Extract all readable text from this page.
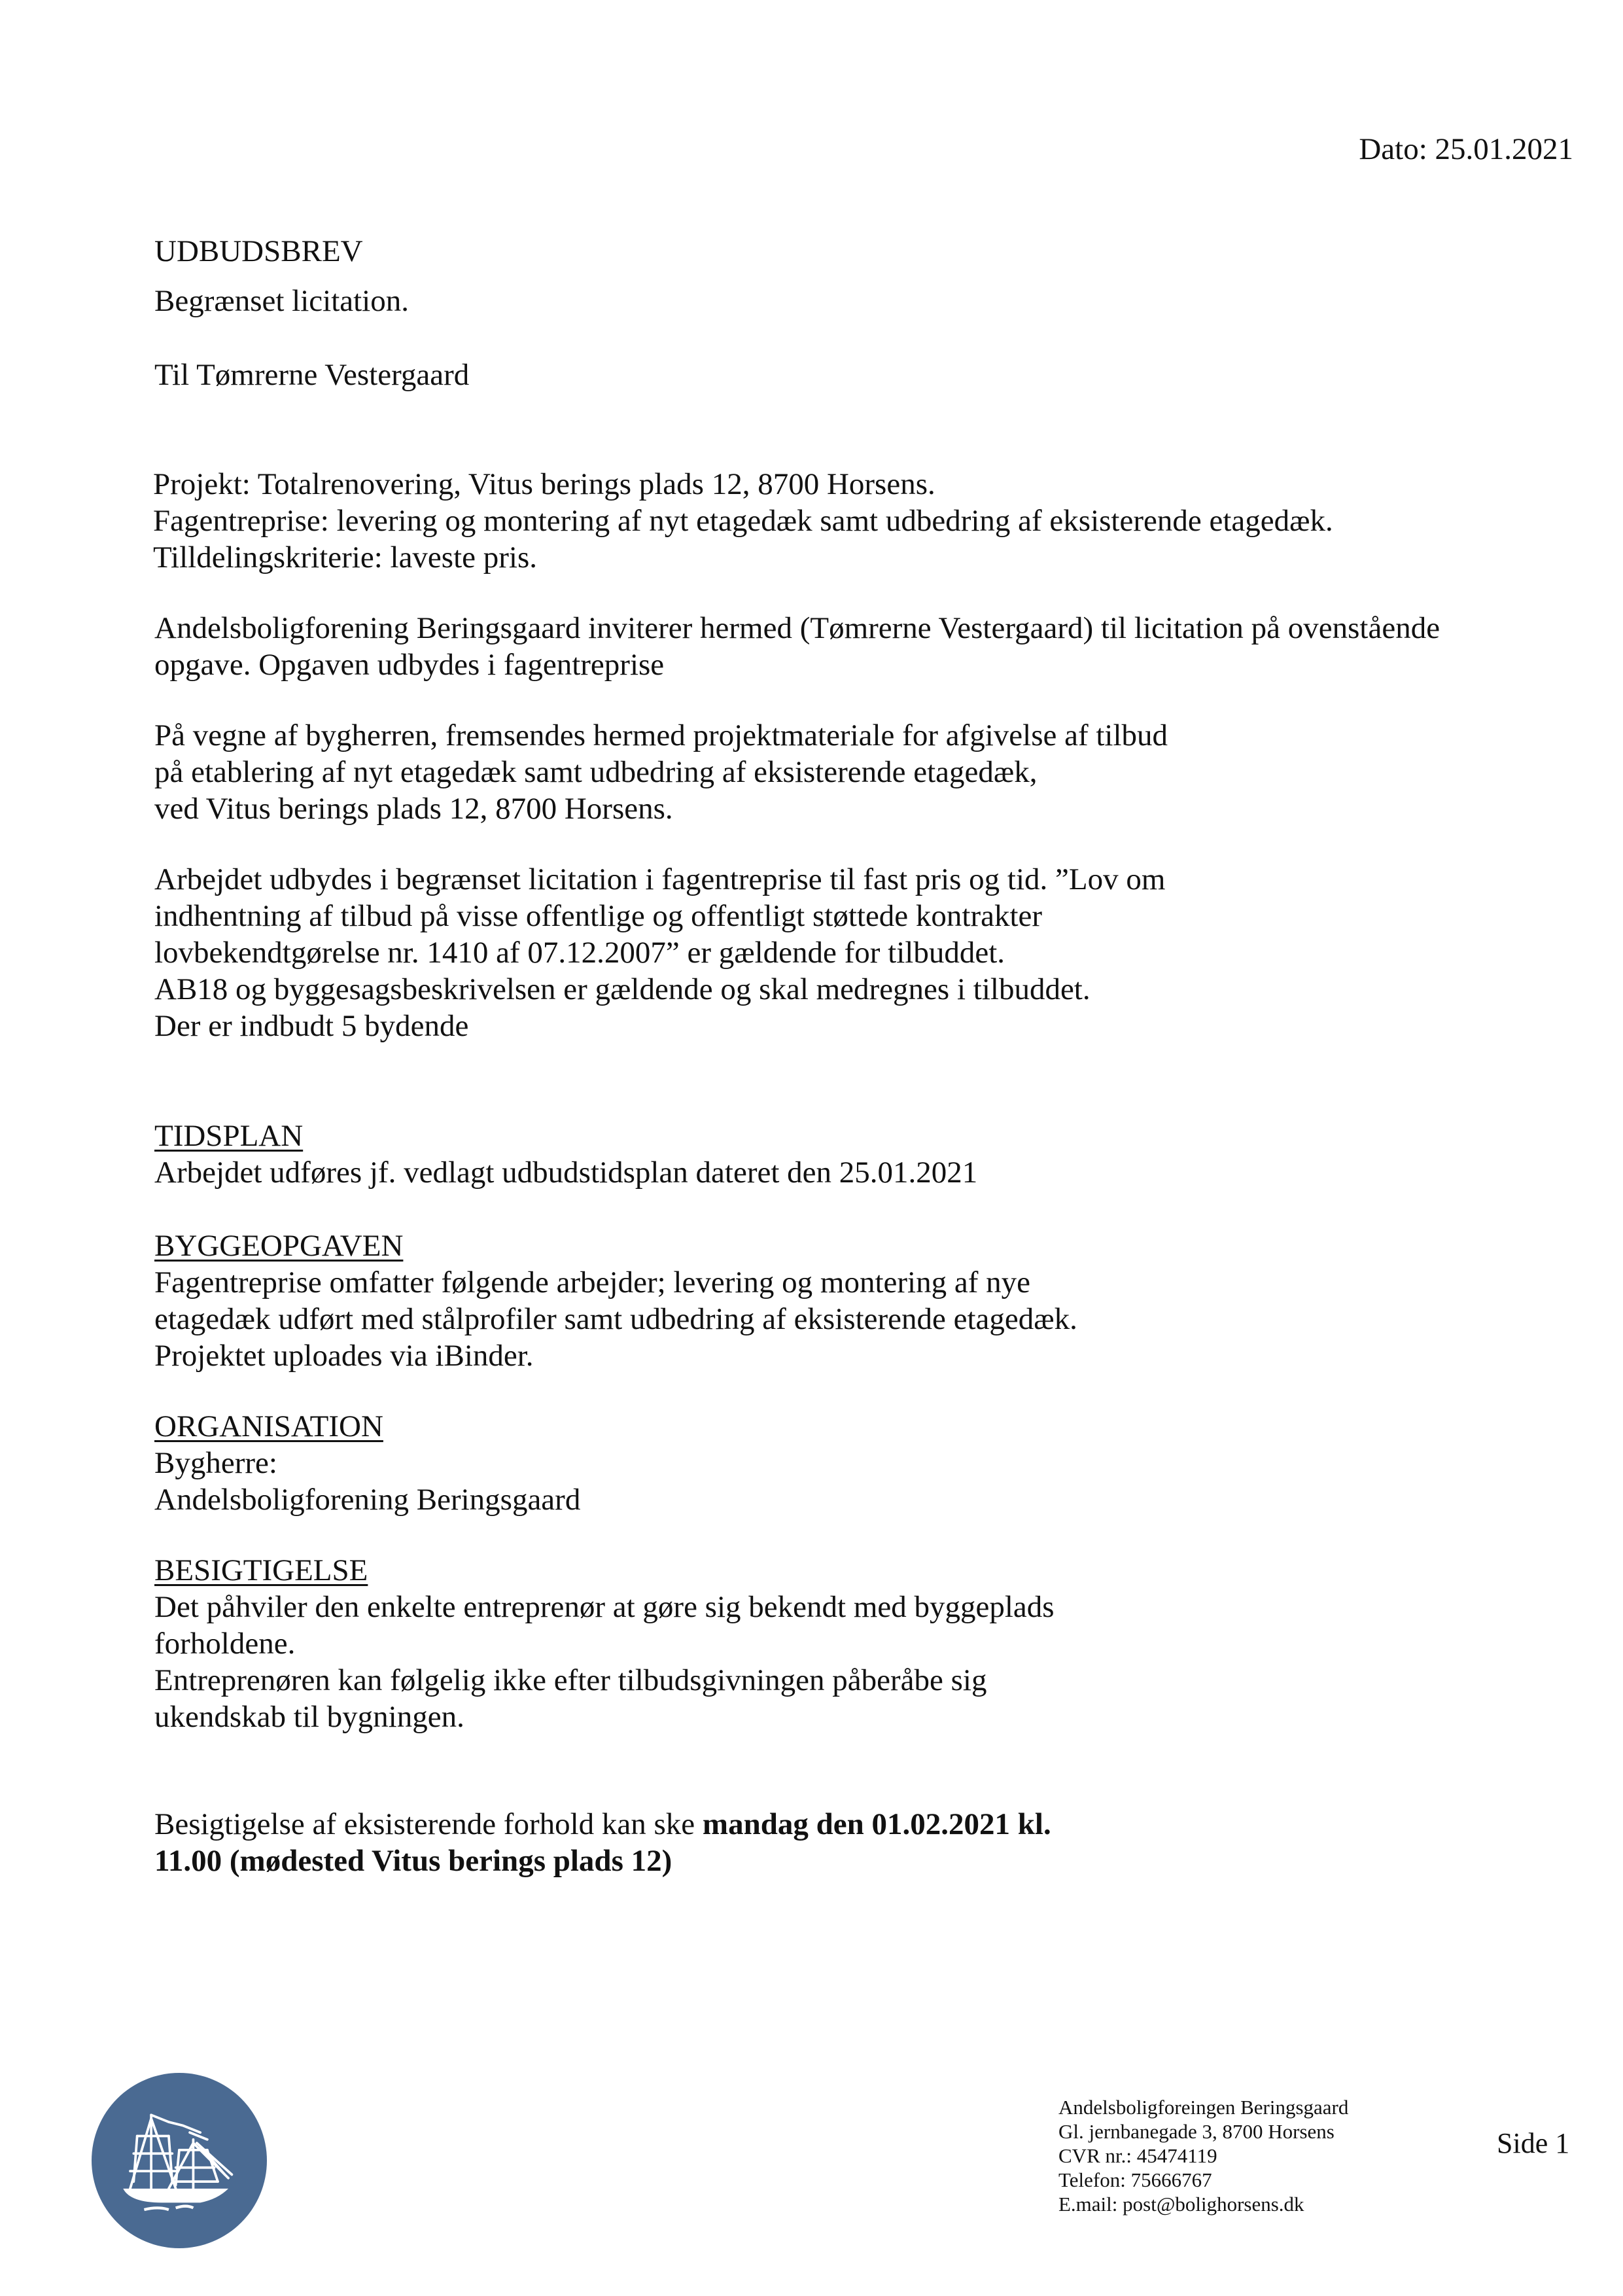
Dato: 25.01.2021
UDBUDSBREV
Begrænset licitation.
Til Tømrerne Vestergaard
Projekt: Totalrenovering, Vitus berings plads 12, 8700 Horsens.
Fagentreprise: levering og montering af nyt etagedæk samt udbedring af eksisterende etagedæk.
Tilldelingskriterie: laveste pris.
Andelsboligforening Beringsgaard inviterer hermed (Tømrerne Vestergaard) til licitation på ovenstående
opgave. Opgaven udbydes i fagentreprise
På vegne af bygherren, fremsendes hermed projektmateriale for afgivelse af tilbud
på etablering af nyt etagedæk samt udbedring af eksisterende etagedæk,
ved Vitus berings plads 12, 8700 Horsens.
Arbejdet udbydes i begrænset licitation i fagentreprise til fast pris og tid. ”Lov om
indhentning af tilbud på visse offentlige og offentligt støttede kontrakter
lovbekendtgørelse nr. 1410 af 07.12.2007” er gældende for tilbuddet.
AB18 og byggesagsbeskrivelsen er gældende og skal medregnes i tilbuddet.
Der er indbudt 5 bydende
TIDSPLAN
Arbejdet udføres jf. vedlagt udbudstidsplan dateret den 25.01.2021
BYGGEOPGAVEN
Fagentreprise omfatter følgende arbejder; levering og montering af nye
etagedæk udført med stålprofiler samt udbedring af eksisterende etagedæk.
Projektet uploades via iBinder.
ORGANISATION
Bygherre:
Andelsboligforening Beringsgaard
BESIGTIGELSE
Det påhviler den enkelte entreprenør at gøre sig bekendt med byggeplads
forholdene.
Entreprenøren kan følgelig ikke efter tilbudsgivningen påberåbe sig
ukendskab til bygningen.
Besigtigelse af eksisterende forhold kan ske mandag den 01.02.2021 kl.
11.00 (mødested Vitus berings plads 12)
Andelsboligforeingen Beringsgaard
Gl. jernbanegade 3, 8700 Horsens
CVR nr.: 45474119
Telefon: 75666767
E.mail: post@bolighorsens.dk
Side 1
